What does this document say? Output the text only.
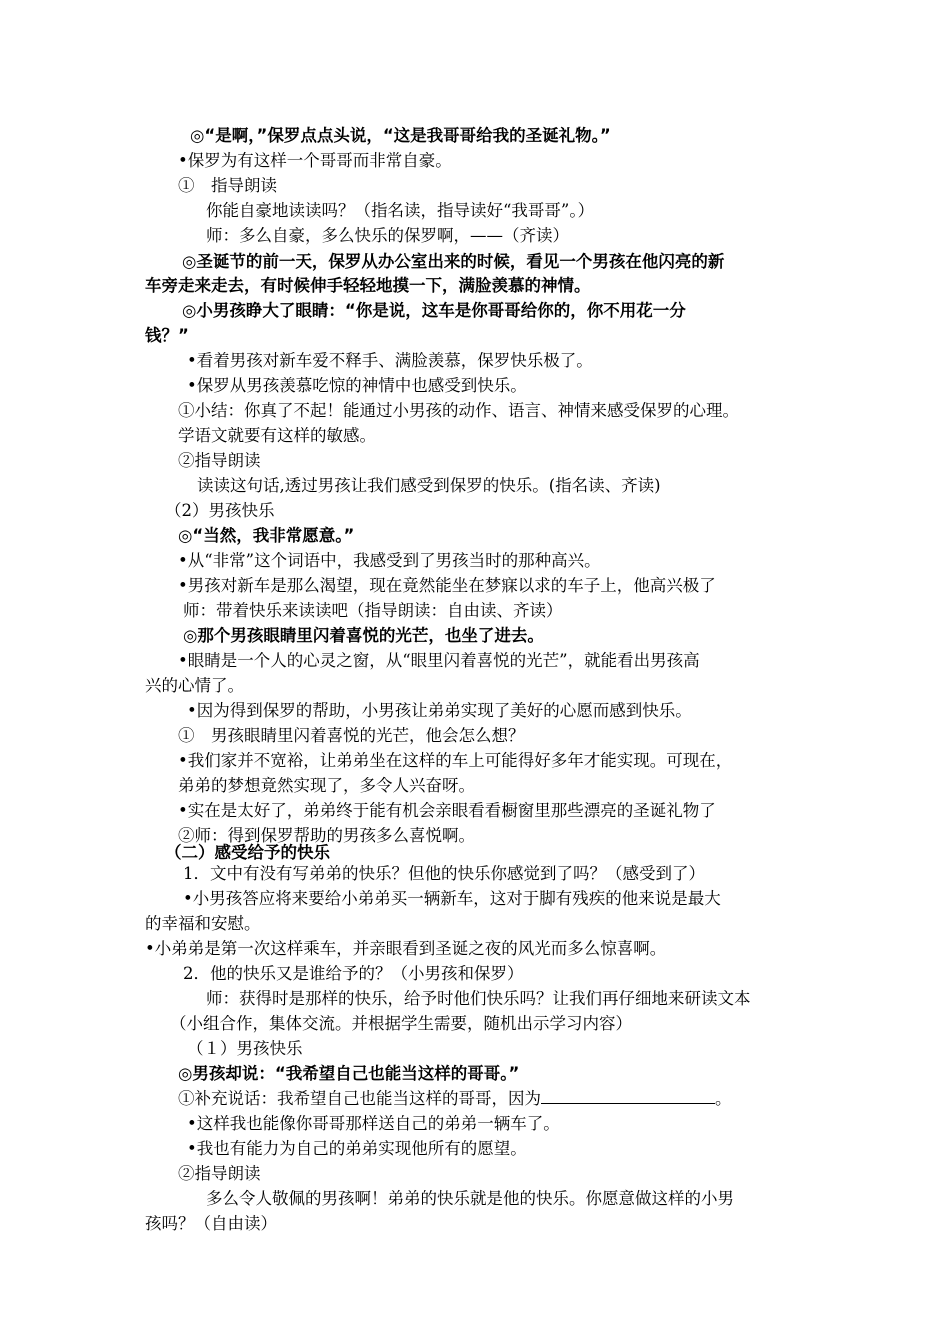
◎“是啊，”保罗点点头说，“这是我哥哥给我的圣诞礼物。”
•保罗为有这样一个哥哥而非常自豪。
①　指导朗读
你能自豪地读读吗？（指名读，指导读好“我哥哥”。）
师：多么自豪，多么快乐的保罗啊，——（齐读）
◎圣诞节的前一天，保罗从办公室出来的时候，看见一个男孩在他闪亮的新
车旁走来走去，有时候伸手轻轻地摸一下，满脸羡慕的神情。
◎小男孩睁大了眼睛：“你是说，这车是你哥哥给你的，你不用花一分
钱？”
•看着男孩对新车爱不释手、满脸羡慕，保罗快乐极了。
•保罗从男孩羡慕吃惊的神情中也感受到快乐。
①小结：你真了不起！能通过小男孩的动作、语言、神情来感受保罗的心理。
学语文就要有这样的敏感。
②指导朗读
读读这句话,透过男孩让我们感受到保罗的快乐。(指名读、齐读)
（2）男孩快乐
◎“当然，我非常愿意。”
•从“非常”这个词语中，我感受到了男孩当时的那种高兴。
•男孩对新车是那么渴望，现在竟然能坐在梦寐以求的车子上，他高兴极了
师：带着快乐来读读吧（指导朗读：自由读、齐读）
◎那个男孩眼睛里闪着喜悦的光芒，也坐了进去。
•眼睛是一个人的心灵之窗，从“眼里闪着喜悦的光芒”，就能看出男孩高
兴的心情了。
•因为得到保罗的帮助，小男孩让弟弟实现了美好的心愿而感到快乐。
①　男孩眼睛里闪着喜悦的光芒，他会怎么想？
•我们家并不宽裕，让弟弟坐在这样的车上可能得好多年才能实现。可现在，
弟弟的梦想竟然实现了，多令人兴奋呀。
•实在是太好了，弟弟终于能有机会亲眼看看橱窗里那些漂亮的圣诞礼物了
②师：得到保罗帮助的男孩多么喜悦啊。
（二）感受给予的快乐
1．文中有没有写弟弟的快乐？但他的快乐你感觉到了吗？（感受到了）
•小男孩答应将来要给小弟弟买一辆新车，这对于脚有残疾的他来说是最大
的幸福和安慰。
•小弟弟是第一次这样乘车，并亲眼看到圣诞之夜的风光而多么惊喜啊。
2．他的快乐又是谁给予的？（小男孩和保罗）
师：获得时是那样的快乐，给予时他们快乐吗？让我们再仔细地来研读文本
（小组合作，集体交流。并根据学生需要，随机出示学习内容）
（１）男孩快乐
◎男孩却说：“我希望自己也能当这样的哥哥。”
①补充说话：我希望自己也能当这样的哥哥，因为	。
•这样我也能像你哥哥那样送自己的弟弟一辆车了。
•我也有能力为自己的弟弟实现他所有的愿望。
②指导朗读
多么令人敬佩的男孩啊！弟弟的快乐就是他的快乐。你愿意做这样的小男
孩吗？（自由读）
